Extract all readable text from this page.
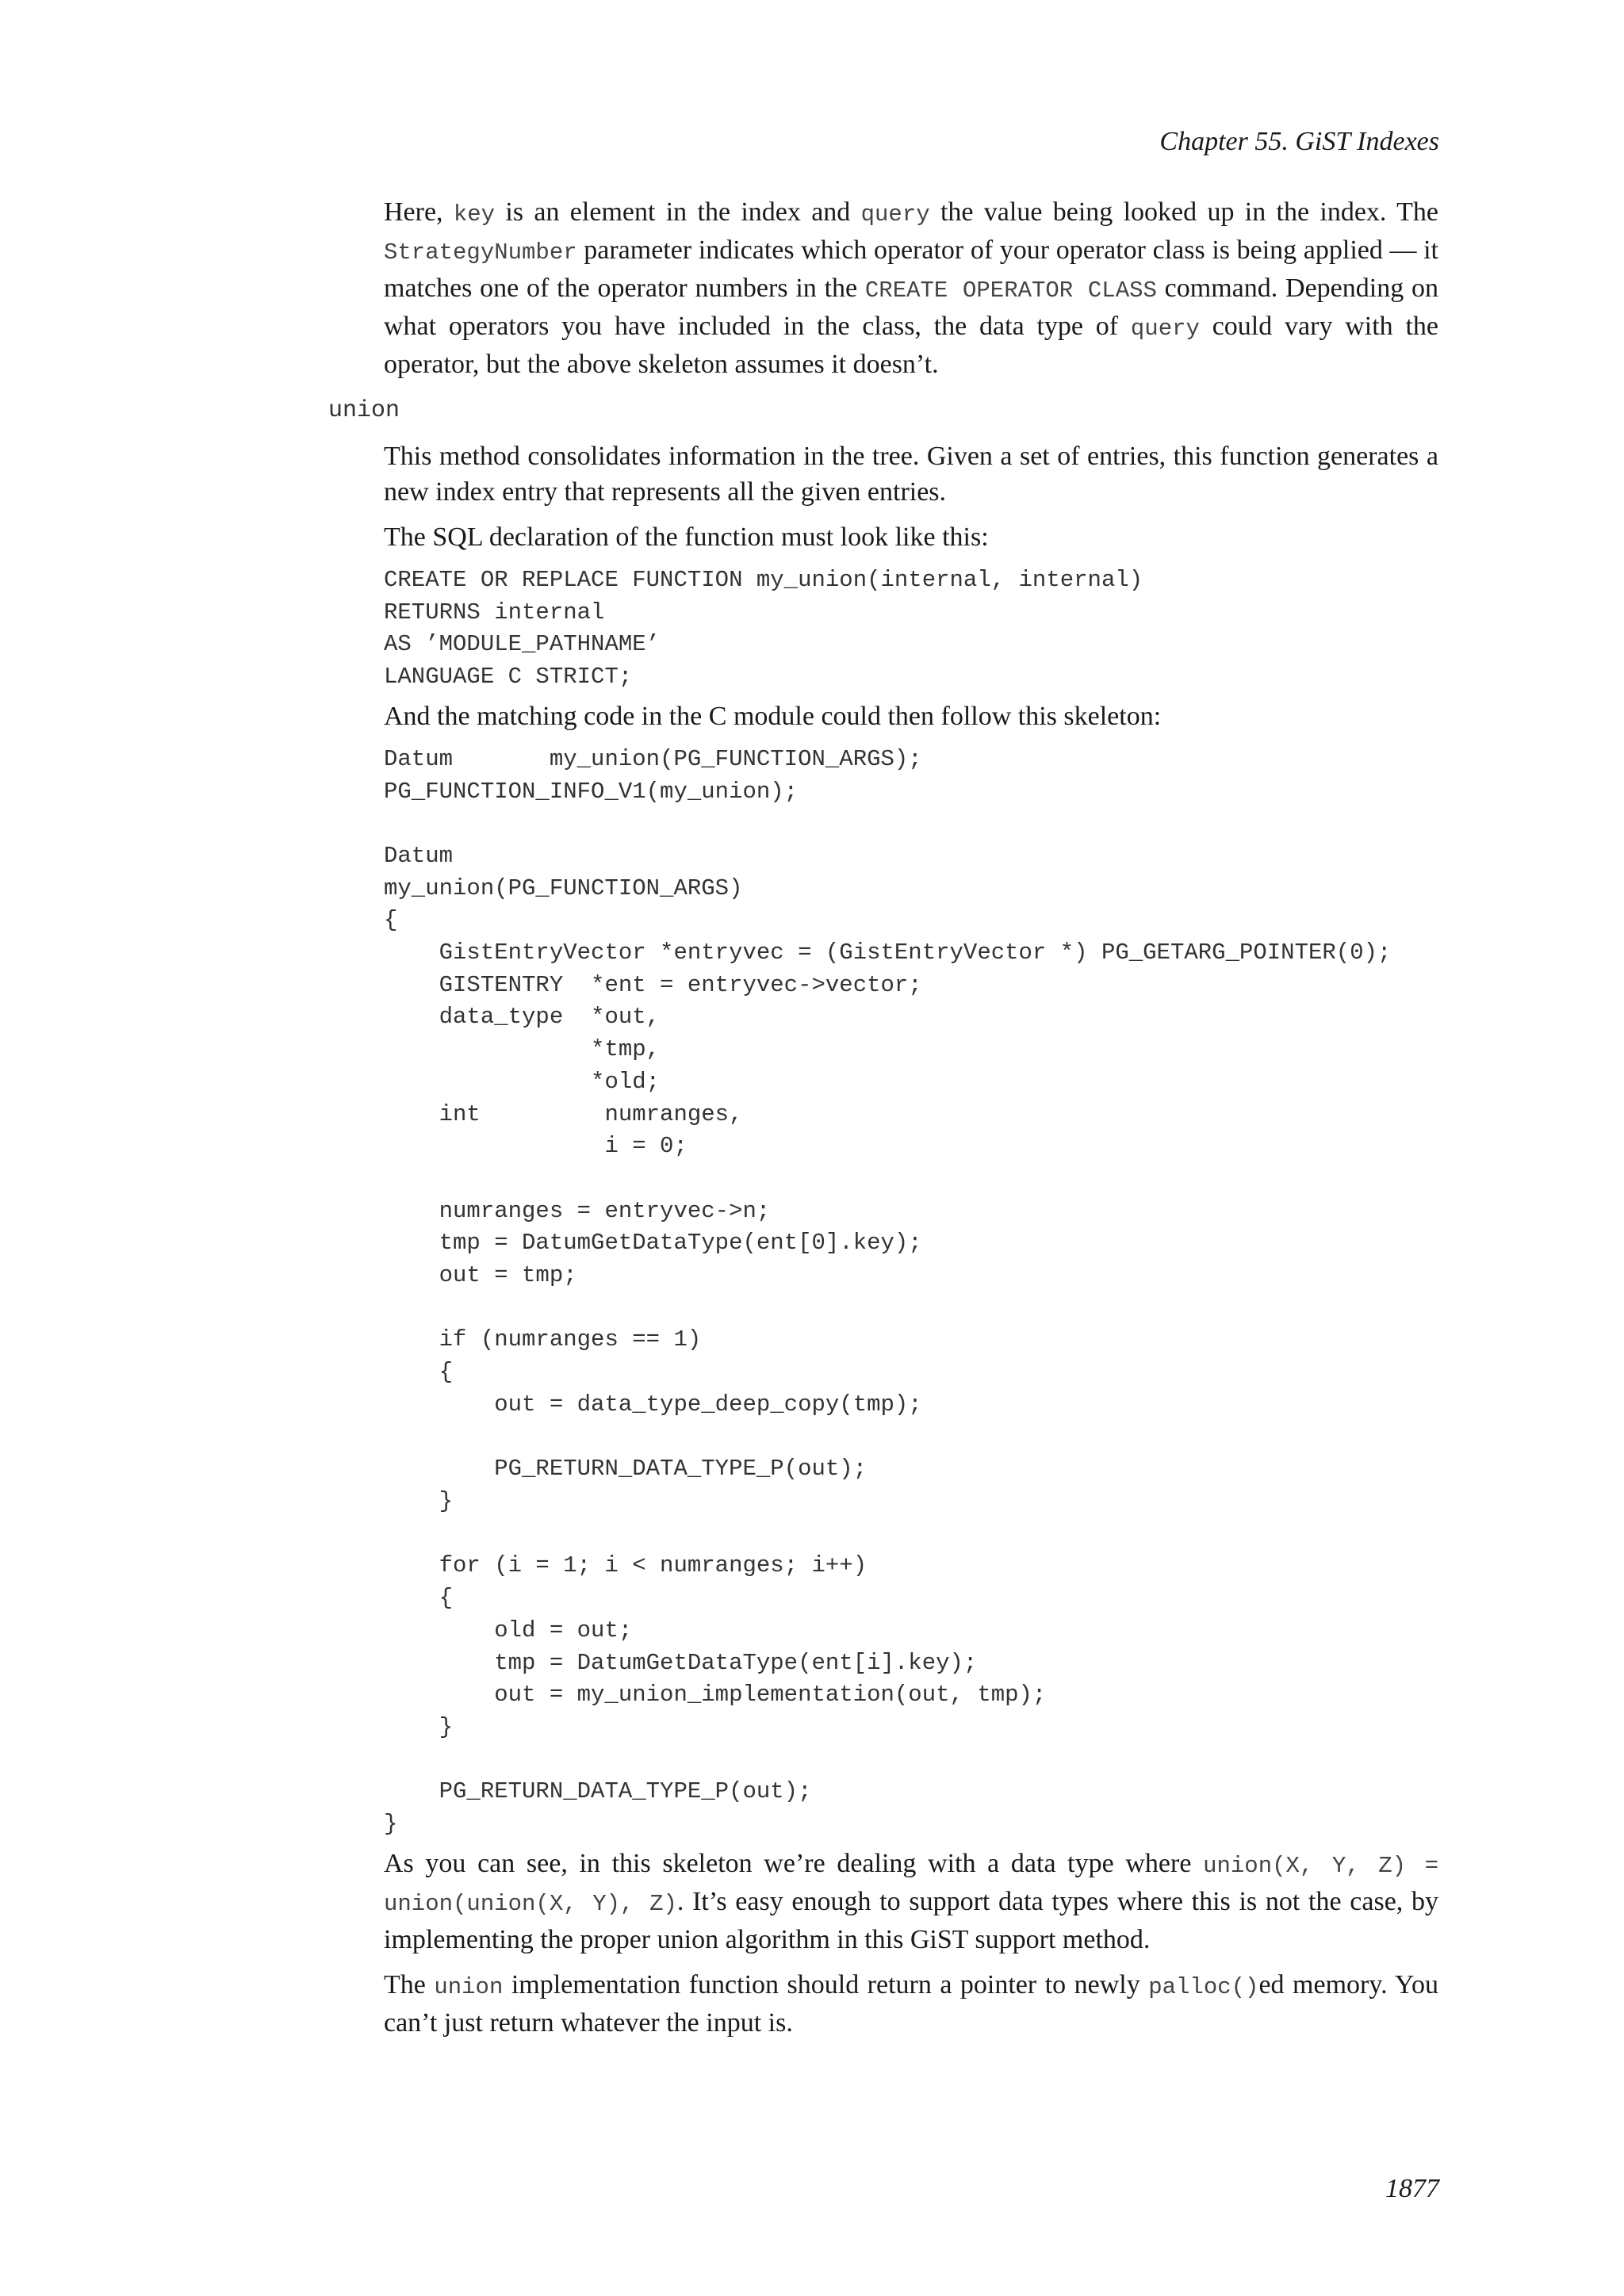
Chapter 55. GiST Indexes

Here, key is an element in the index and query the value being looked up in the index. The StrategyNumber parameter indicates which operator of your operator class is being applied — it matches one of the operator numbers in the CREATE OPERATOR CLASS command. Depending on what operators you have included in the class, the data type of query could vary with the operator, but the above skeleton assumes it doesn’t.

union

This method consolidates information in the tree. Given a set of entries, this function generates a new index entry that represents all the given entries.

The SQL declaration of the function must look like this:

CREATE OR REPLACE FUNCTION my_union(internal, internal)
RETURNS internal
AS ’MODULE_PATHNAME’
LANGUAGE C STRICT;

And the matching code in the C module could then follow this skeleton:

Datum       my_union(PG_FUNCTION_ARGS);
PG_FUNCTION_INFO_V1(my_union);

Datum
my_union(PG_FUNCTION_ARGS)
{
GistEntryVector *entryvec = (GistEntryVector *) PG_GETARG_POINTER(0);
GISTENTRY  *ent = entryvec->vector;
data_type  *out,
*tmp,
*old;
int         numranges,
i = 0;

numranges = entryvec->n;
tmp = DatumGetDataType(ent[0].key);
out = tmp;

if (numranges == 1)
{
out = data_type_deep_copy(tmp);

PG_RETURN_DATA_TYPE_P(out);
}

for (i = 1; i < numranges; i++)
{
old = out;
tmp = DatumGetDataType(ent[i].key);
out = my_union_implementation(out, tmp);
}

PG_RETURN_DATA_TYPE_P(out);
}

As you can see, in this skeleton we’re dealing with a data type where union(X, Y, Z) = union(union(X, Y), Z). It’s easy enough to support data types where this is not the case, by implementing the proper union algorithm in this GiST support method.

The union implementation function should return a pointer to newly palloc()ed memory. You can’t just return whatever the input is.

1877
